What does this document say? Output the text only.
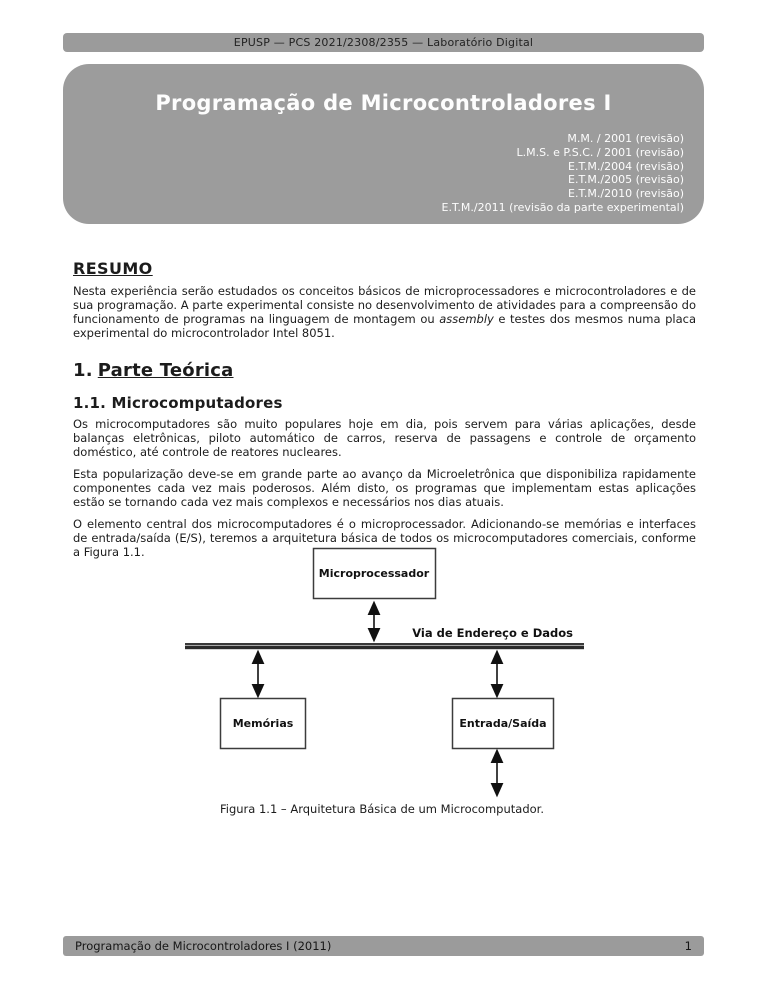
EPUSP — PCS 2021/2308/2355 — Laboratório Digital
Programação de Microcontroladores I
M.M. / 2001 (revisão)
L.M.S. e P.S.C. / 2001 (revisão)
E.T.M./2004 (revisão)
E.T.M./2005 (revisão)
E.T.M./2010 (revisão)
E.T.M./2011 (revisão da parte experimental)
RESUMO

Nesta experiência serão estudados os conceitos básicos de microprocessadores e microcontroladores e de sua programação. A parte experimental consiste no desenvolvimento de atividades para a compreensão do funcionamento de programas na linguagem de montagem ou assembly e testes dos mesmos numa placa experimental do microcontrolador Intel 8051.

1. Parte Teórica
1.1. Microcomputadores

Os microcomputadores são muito populares hoje em dia, pois servem para várias aplicações, desde balanças eletrônicas, piloto automático de carros, reserva de passagens e controle de orçamento doméstico, até controle de reatores nucleares.

Esta popularização deve-se em grande parte ao avanço da Microeletrônica que disponibiliza rapidamente componentes cada vez mais poderosos. Além disto, os programas que implementam estas aplicações estão se tornando cada vez mais complexos e necessários nos dias atuais.

O elemento central dos microcomputadores é o microprocessador. Adicionando-se memórias e interfaces de entrada/saída (E/S), teremos a arquitetura básica de todos os microcomputadores comerciais, conforme a Figura 1.1.

Microprocessador
Via de Endereço e Dados
Memórias	Entrada/Saída
Figura 1.1 – Arquitetura Básica de um Microcomputador.
Programação de Microcontroladores I (2011)	1
